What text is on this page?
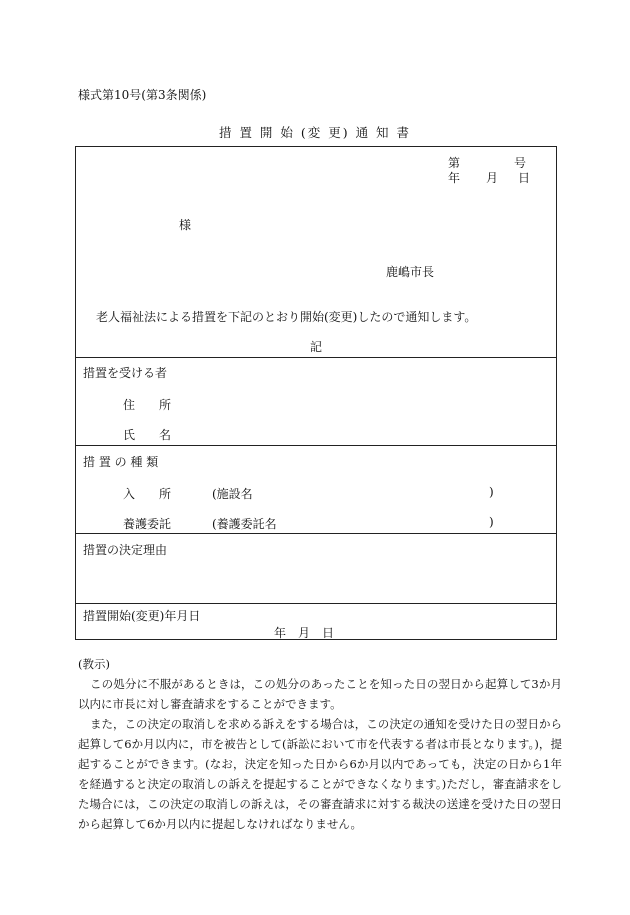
様式第10号(第3条関係)
措 置 開 始 (変 更) 通 知 書
第	号
年 月 日
様
鹿嶋市長
老人福祉法による措置を下記のとおり開始(変更)したので通知します。
記
措置を受ける者
住　　所
氏　　名
措 置 の 種 類
入　　所	(施設名	)
養護委託	(養護委託名	)
措置の決定理由
措置開始(変更)年月日
年　月　日

(教示)

この処分に不服があるときは，この処分のあったことを知った日の翌日から起算して3か月以内に市長に対し審査請求をすることができます。

また，この決定の取消しを求める訴えをする場合は，この決定の通知を受けた日の翌日から起算して6か月以内に，市を被告として(訴訟において市を代表する者は市長となります。)，提起することができます。(なお，決定を知った日から6か月以内であっても，決定の日から1年を経過すると決定の取消しの訴えを提起することができなくなります。)ただし，審査請求をした場合には，この決定の取消しの訴えは，その審査請求に対する裁決の送達を受けた日の翌日から起算して6か月以内に提起しなければなりません。
